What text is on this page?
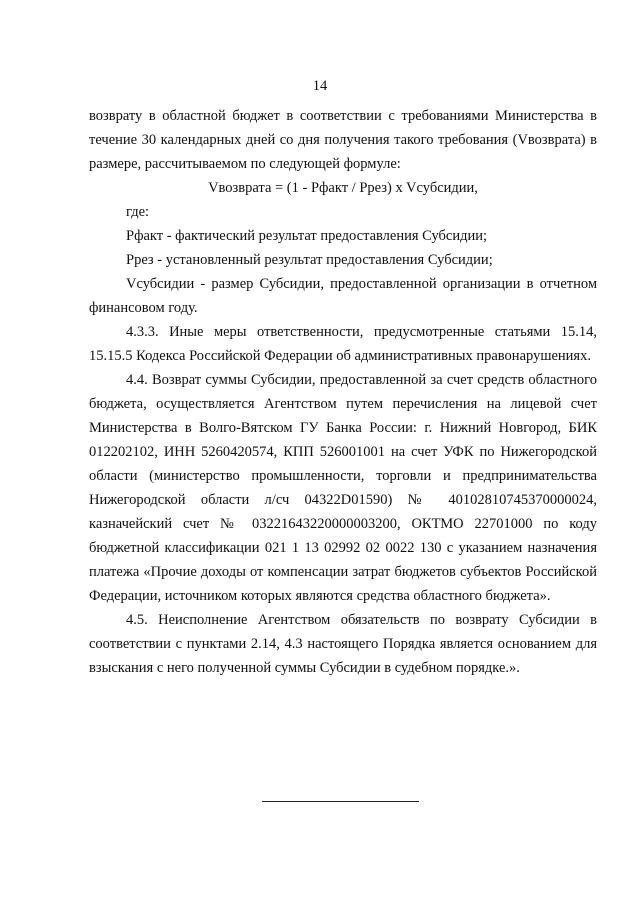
14

возврату в областной бюджет в соответствии с требованиями Министерства в течение 30 календарных дней со дня получения такого требования (Vвозврата) в размере, рассчитываемом по следующей формуле:

Vвозврата = (1 - Pфакт / Pрез) x Vсубсидии,

где:

Pфакт - фактический результат предоставления Субсидии;

Pрез - установленный результат предоставления Субсидии;

Vсубсидии - размер Субсидии, предоставленной организации в отчетном финансовом году.

4.3.3. Иные меры ответственности, предусмотренные статьями 15.14, 15.15.5 Кодекса Российской Федерации об административных правонарушениях.

4.4. Возврат суммы Субсидии, предоставленной за счет средств областного бюджета, осуществляется Агентством путем перечисления на лицевой счет Министерства в Волго-Вятском ГУ Банка России: г. Нижний Новгород, БИК 012202102, ИНН 5260420574, КПП 526001001 на счет УФК по Нижегородской области (министерство промышленности, торговли и предпринимательства Нижегородской области л/сч 04322D01590) № 40102810745370000024, казначейский счет № 03221643220000003200, ОКТМО 22701000 по коду бюджетной классификации 021 1 13 02992 02 0022 130 с указанием назначения платежа «Прочие доходы от компенсации затрат бюджетов субъектов Российской Федерации, источником которых являются средства областного бюджета».

4.5. Неисполнение Агентством обязательств по возврату Субсидии в соответствии с пунктами 2.14, 4.3 настоящего Порядка является основанием для взыскания с него полученной суммы Субсидии в судебном порядке.».
